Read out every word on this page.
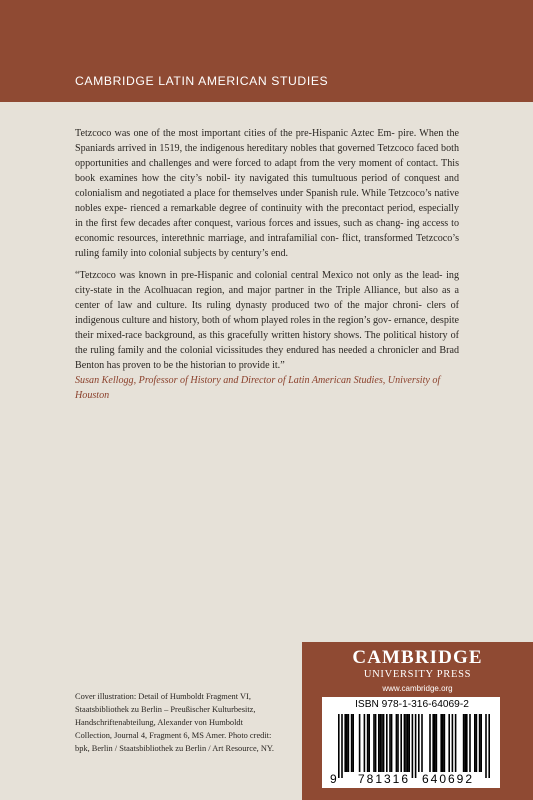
CAMBRIDGE LATIN AMERICAN STUDIES

Tetzcoco was one of the most important cities of the pre-Hispanic Aztec Em- pire. When the Spaniards arrived in 1519, the indigenous hereditary nobles that governed Tetzcoco faced both opportunities and challenges and were forced to adapt from the very moment of contact. This book examines how the city’s nobil- ity navigated this tumultuous period of conquest and colonialism and negotiated a place for themselves under Spanish rule. While Tetzcoco’s native nobles expe- rienced a remarkable degree of continuity with the precontact period, especially in the first few decades after conquest, various forces and issues, such as chang- ing access to economic resources, interethnic marriage, and intrafamilial con- flict, transformed Tetzcoco’s ruling family into colonial subjects by century’s end.

“Tetzcoco was known in pre-Hispanic and colonial central Mexico not only as the lead- ing city-state in the Acolhuacan region, and major partner in the Triple Alliance, but also as a center of law and culture. Its ruling dynasty produced two of the major chroni- clers of indigenous culture and history, both of whom played roles in the region’s gov- ernance, despite their mixed-race background, as this gracefully written history shows. The political history of the ruling family and the colonial vicissitudes they endured has needed a chronicler and Brad Benton has proven to be the historian to provide it.”
Susan Kellogg, Professor of History and Director of Latin American Studies, University of Houston

Cover illustration: Detail of Humboldt Fragment VI, Staatsbibliothek zu Berlin – Preußischer Kulturbesitz, Handschriftenabteilung, Alexander von Humboldt Collection, Journal 4, Fragment 6, MS Amer. Photo credit: bpk, Berlin / Staatsbibliothek zu Berlin / Art Resource, NY.

CAMBRIDGE
UNIVERSITY PRESS
www.cambridge.org
ISBN 978-1-316-64069-2
9 781316 640692
